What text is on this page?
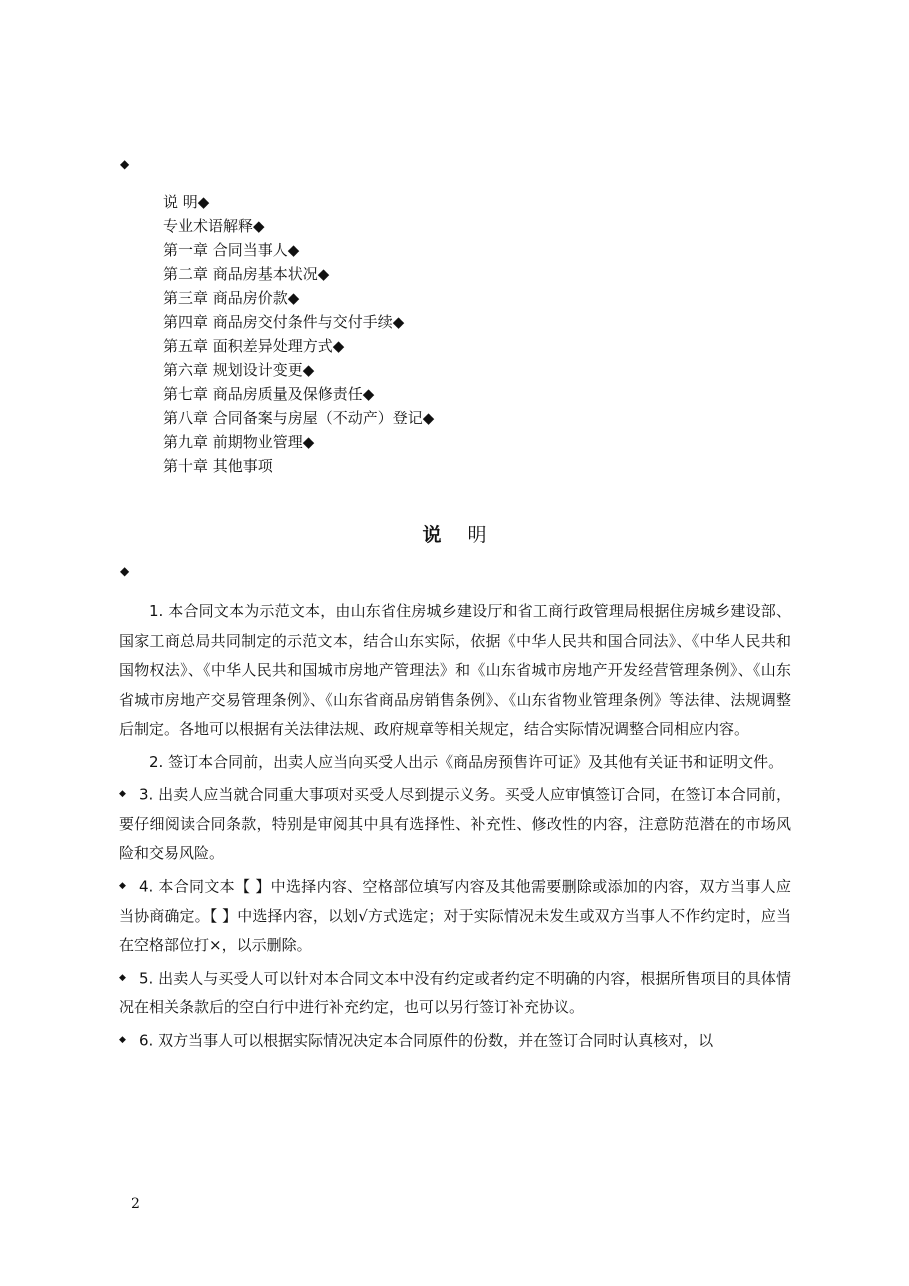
◆
说 明◆
专业术语解释◆
第一章 合同当事人◆
第二章 商品房基本状况◆
第三章 商品房价款◆
第四章 商品房交付条件与交付手续◆
第五章 面积差异处理方式◆
第六章 规划设计变更◆
第七章 商品房质量及保修责任◆
第八章 合同备案与房屋（不动产）登记◆
第九章 前期物业管理◆
第十章 其他事项
说 明
◆

1. 本合同文本为示范文本，由山东省住房城乡建设厅和省工商行政管理局根据住房城乡建设部、国家工商总局共同制定的示范文本，结合山东实际，依据《中华人民共和国合同法》、《中华人民共和国物权法》、《中华人民共和国城市房地产管理法》和《山东省城市房地产开发经营管理条例》、《山东省城市房地产交易管理条例》、《山东省商品房销售条例》、《山东省物业管理条例》等法律、法规调整后制定。各地可以根据有关法律法规、政府规章等相关规定，结合实际情况调整合同相应内容。

2. 签订本合同前，出卖人应当向买受人出示《商品房预售许可证》及其他有关证书和证明文件。

◆ 3. 出卖人应当就合同重大事项对买受人尽到提示义务。买受人应审慎签订合同，在签订本合同前，要仔细阅读合同条款，特别是审阅其中具有选择性、补充性、修改性的内容，注意防范潜在的市场风险和交易风险。

◆ 4. 本合同文本【 】中选择内容、空格部位填写内容及其他需要删除或添加的内容，双方当事人应当协商确定。【 】中选择内容，以划√方式选定；对于实际情况未发生或双方当事人不作约定时，应当在空格部位打×，以示删除。

◆ 5. 出卖人与买受人可以针对本合同文本中没有约定或者约定不明确的内容，根据所售项目的具体情况在相关条款后的空白行中进行补充约定，也可以另行签订补充协议。

◆ 6. 双方当事人可以根据实际情况决定本合同原件的份数，并在签订合同时认真核对，以

2
